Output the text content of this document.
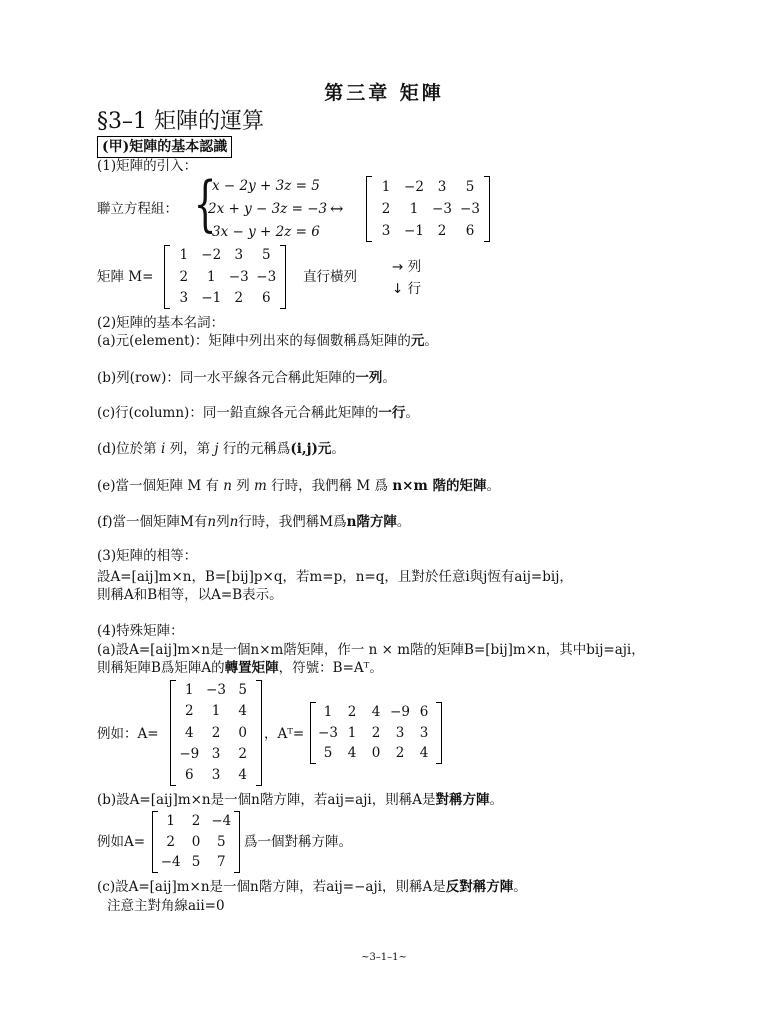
第三章 矩陣
§3–1 矩陣的運算
(甲)矩陣的基本認識
(1)矩陣的引入：
聯立方程組： {
x − 2y + 3z = 5
2x + y − 3z = −3
3x − y + 2z = 6
↔
1	−2	3	5
2	1	−3 −3
3	−1	2	6
矩陣 M=
1 −2 3	5
2	1 −3 −3
3 −1 2	6
直行橫列
→ 列
↓ 行
(2)矩陣的基本名詞：
(a)元(element)：矩陣中列出來的每個數稱爲矩陣的元。
(b)列(row)：同一水平線各元合稱此矩陣的一列。
(c)行(column)：同一鉛直線各元合稱此矩陣的一行。
(d)位於第 i 列，第 j 行的元稱爲(i,j)元。
(e)當一個矩陣 M 有 n 列 m 行時，我們稱 M 爲 n×m 階的矩陣。
(f)當一個矩陣M有n列n行時，我們稱M爲n階方陣。
(3)矩陣的相等：
設A=[aij]m×n，B=[bij]p×q，若m=p，n=q，且對於任意i與j恆有aij=bij，
則稱A和B相等，以A=B表示。
(4)特殊矩陣：
(a)設A=[aij]m×n是一個n×m階矩陣，作一 n × m階的矩陣B=[bij]m×n，其中bij=aji，
則稱矩陣B爲矩陣A的轉置矩陣，符號：B=Aᵀ。
例如：A=
1 −3 5
2	1	4
4	2	0
−9 3	2
6	3	4
，Aᵀ=
1	2	4 −9 6
−3 1	2	3	3
5	4	0	2	4
(b)設A=[aij]m×n是一個n階方陣，若aij=aji，則稱A是對稱方陣。
例如A=
1	2 −4
2	0	5
−4 5	7
爲一個對稱方陣。
(c)設A=[aij]m×n是一個n階方陣，若aij=−aji，則稱A是反對稱方陣。
注意主對角線aii=0
~3–1–1~
